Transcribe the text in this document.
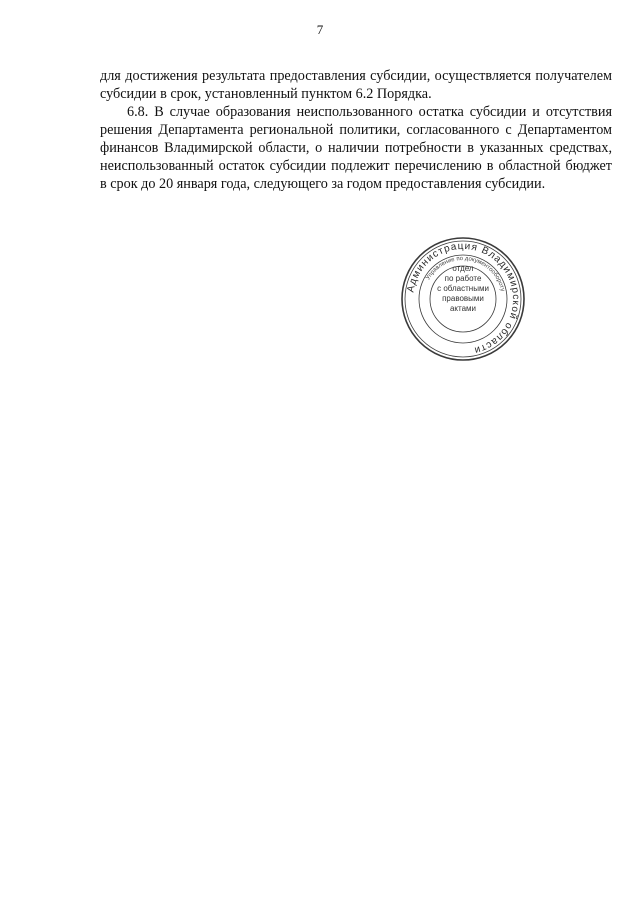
7

для достижения результата предоставления субсидии, осуществляется получателем субсидии в срок, установленный пунктом 6.2 Порядка.

6.8. В случае образования неиспользованного остатка субсидии и отсутствия решения Департамента региональной политики, согласованного с Департаментом финансов Владимирской области, о наличии потребности в указанных средствах, неиспользованный остаток субсидии подлежит перечислению в областной бюджет в срок до 20 января года, следующего за годом предоставления субсидии.

Администрация Владимирской области
Управление по документообороту
отдел
по работе
с областными
правовыми
актами
